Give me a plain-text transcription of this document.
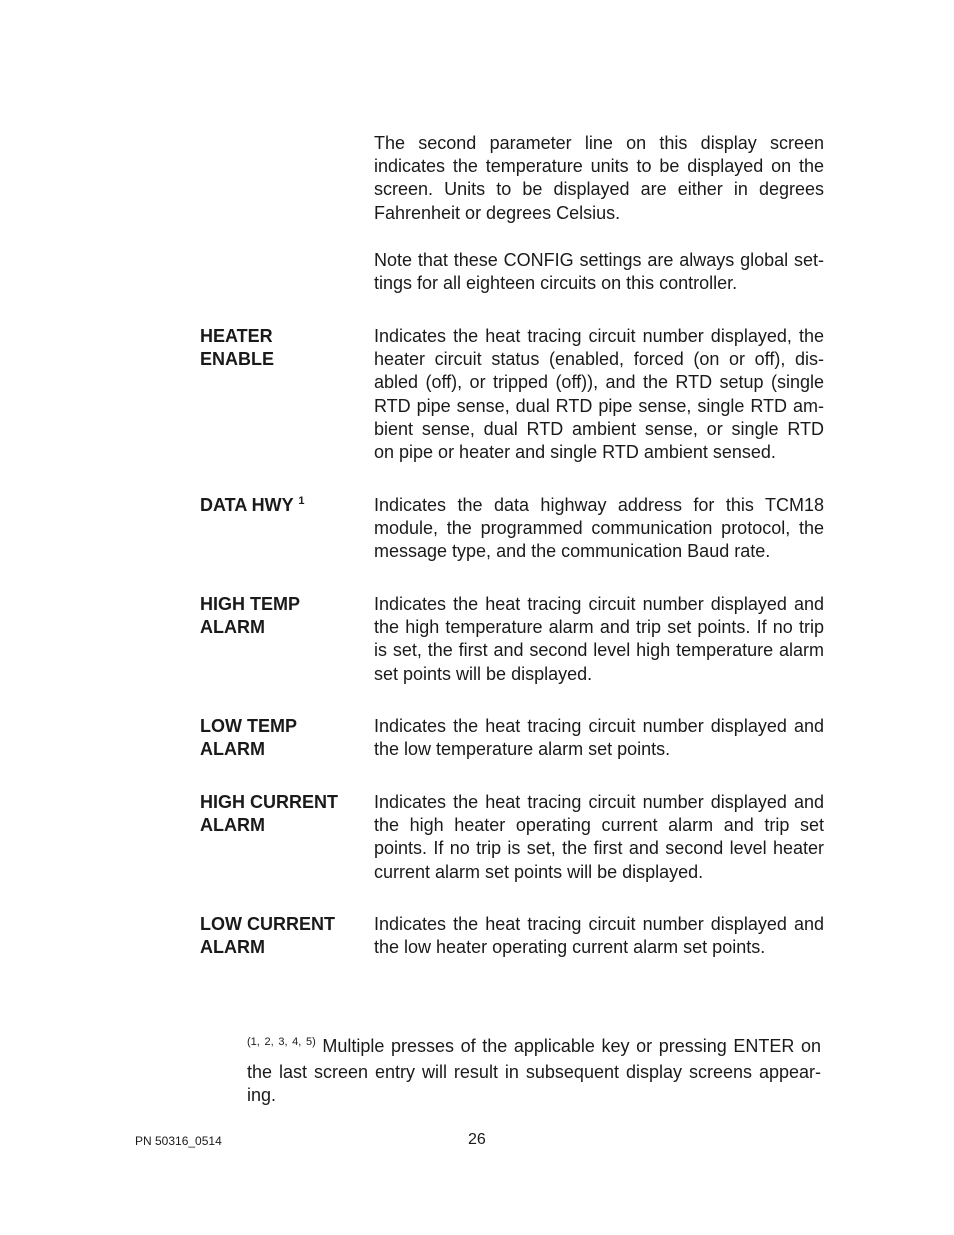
The second parameter line on this display screen
indicates the temperature units to be displayed on the
screen. Units to be displayed are either in degrees
Fahrenheit or degrees Celsius.
Note that these CONFIG settings are always global set-
tings for all eighteen circuits on this controller.
HEATER
ENABLE
Indicates the heat tracing circuit number displayed, the
heater circuit status (enabled, forced (on or off), dis-
abled (off), or tripped (off)), and the RTD setup (single
RTD pipe sense, dual RTD pipe sense, single RTD am-
bient sense, dual RTD ambient sense, or single RTD
on pipe or heater and single RTD ambient sensed.
DATA HWY $^1$	Indicates the data highway address for this TCM18
module, the programmed communication protocol, the
message type, and the communication Baud rate.
HIGH TEMP
ALARM
Indicates the heat tracing circuit number displayed and
the high temperature alarm and trip set points. If no trip
is set, the first and second level high temperature alarm
set points will be displayed.
LOW TEMP
ALARM
Indicates the heat tracing circuit number displayed and
the low temperature alarm set points.
HIGH CURRENT
ALARM
Indicates the heat tracing circuit number displayed and
the high heater operating current alarm and trip set
points. If no trip is set, the first and second level heater
current alarm set points will be displayed.
LOW CURRENT
ALARM
Indicates the heat tracing circuit number displayed and
the low heater operating current alarm set points.
$^{(1, 2, 3, 4, 5)}$ Multiple presses of the applicable key or pressing ENTER on
the last screen entry will result in subsequent display screens appear-
ing.
PN 50316_0514	26
